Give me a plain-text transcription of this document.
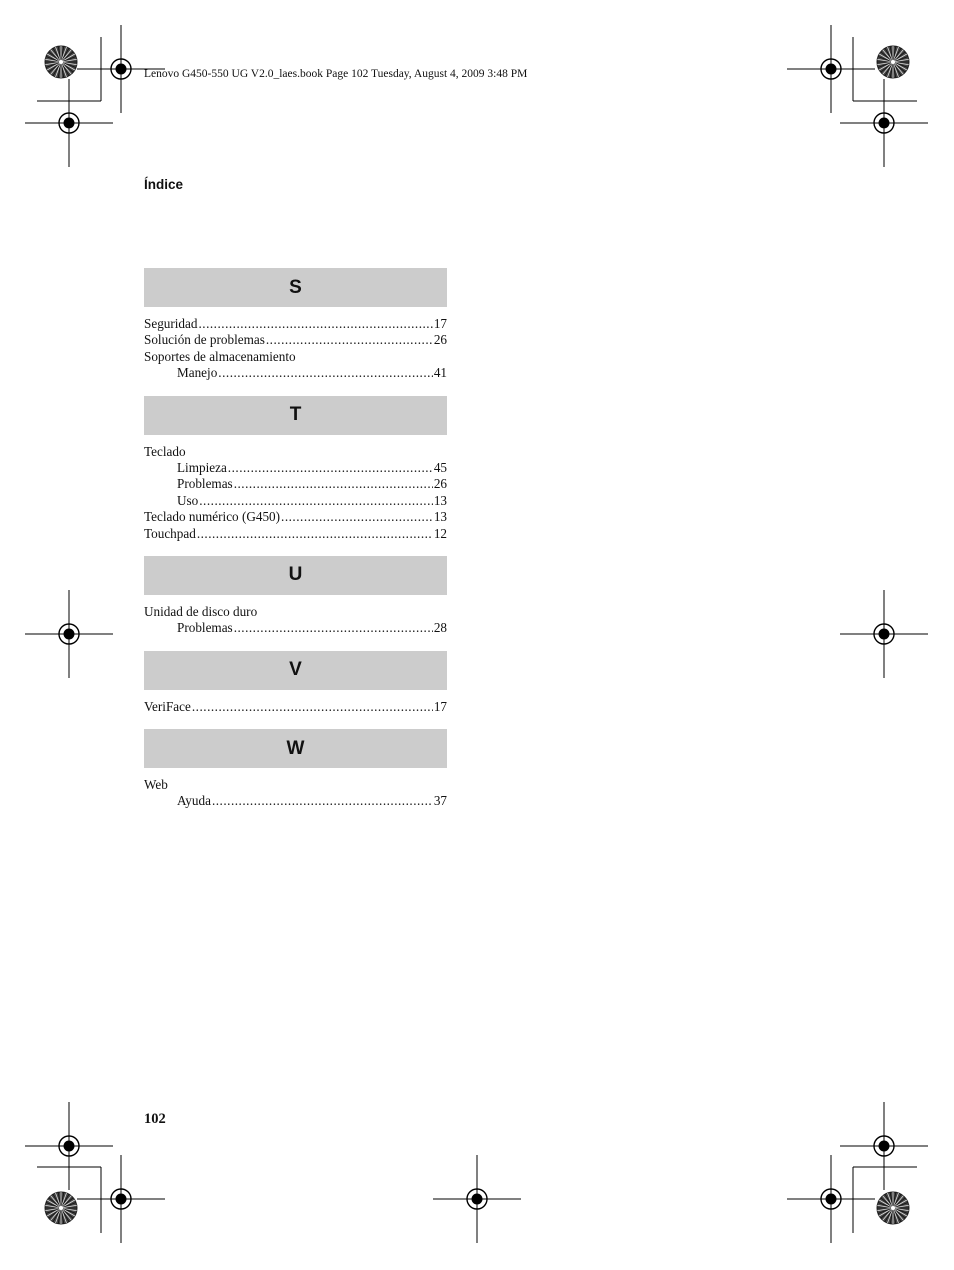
Lenovo G450-550 UG V2.0_laes.book Page 102 Tuesday, August 4, 2009 3:48 PM
Índice
S
Seguridad .....	17
Solución de problemas .....	26
Soportes de almacenamiento
Manejo .....	41
T
Teclado
Limpieza .....	45
Problemas .....	26
Uso .....	13
Teclado numérico (G450) .....	13
Touchpad .....	12
U
Unidad de disco duro
Problemas .....	28
V
VeriFace .....	17
W
Web
Ayuda .....	37
102
